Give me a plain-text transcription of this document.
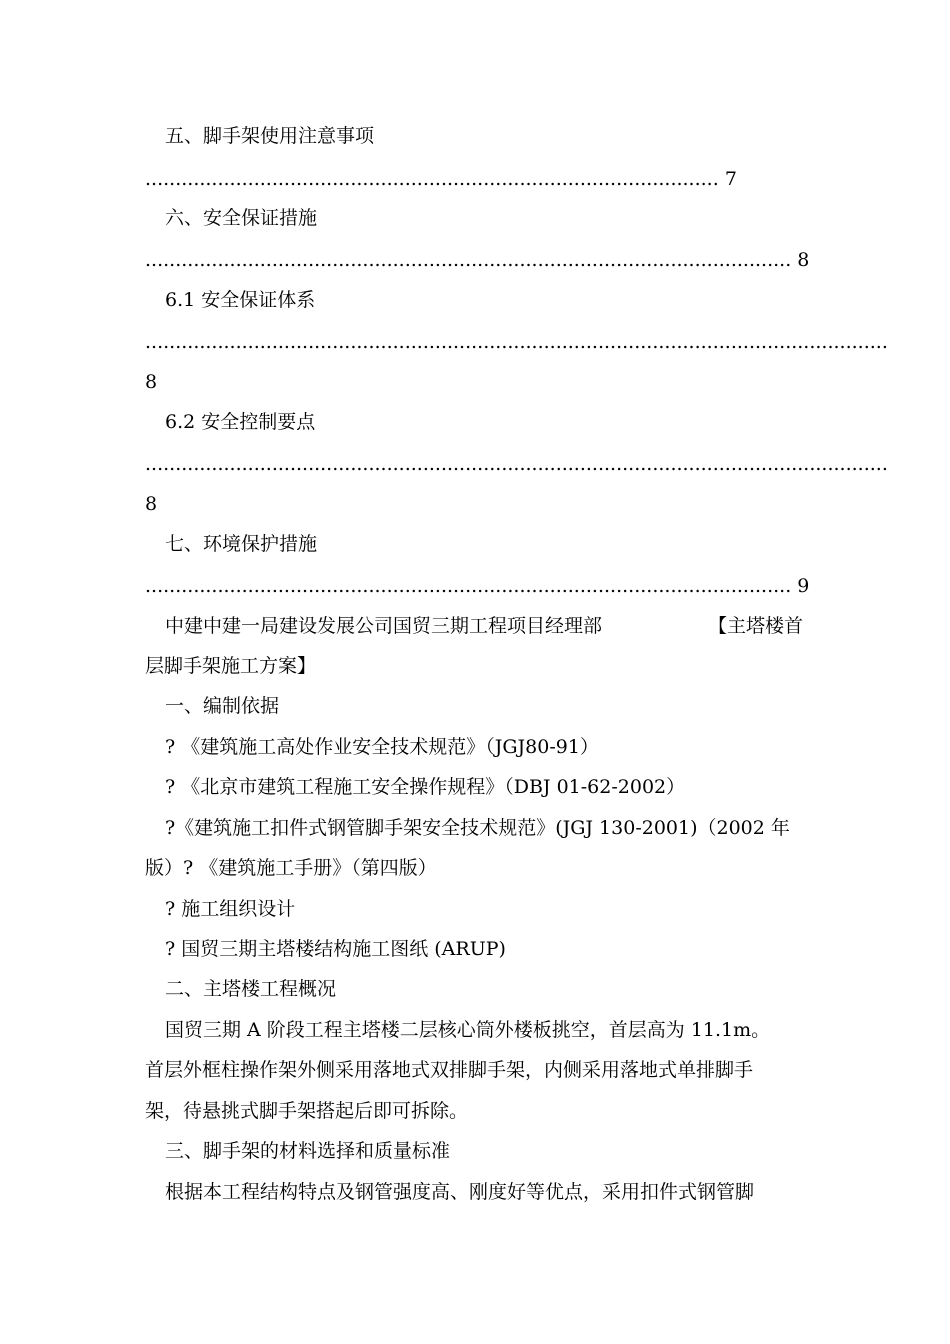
五、脚手架使用注意事项
............................................................................................... 7
六、安全保证措施
........................................................................................................... 8
6.1 安全保证体系
...........................................................................................................................
8
6.2 安全控制要点
...........................................................................................................................
8
七、环境保护措施
........................................................................................................... 9
中建中建一局建设发展公司国贸三期工程项目经理部	【主塔楼首
层脚手架施工方案】
一、编制依据
? 《建筑施工高处作业安全技术规范》（JGJ80-91）
? 《北京市建筑工程施工安全操作规程》（DBJ 01-62-2002）
?《建筑施工扣件式钢管脚手架安全技术规范》(JGJ 130-2001)（2002 年
版）? 《建筑施工手册》（第四版）
? 施工组织设计
? 国贸三期主塔楼结构施工图纸 (ARUP)
二、主塔楼工程概况
国贸三期 A 阶段工程主塔楼二层核心筒外楼板挑空，首层高为 11.1m。
首层外框柱操作架外侧采用落地式双排脚手架，内侧采用落地式单排脚手
架，待悬挑式脚手架搭起后即可拆除。
三、脚手架的材料选择和质量标准
根据本工程结构特点及钢管强度高、刚度好等优点，采用扣件式钢管脚
